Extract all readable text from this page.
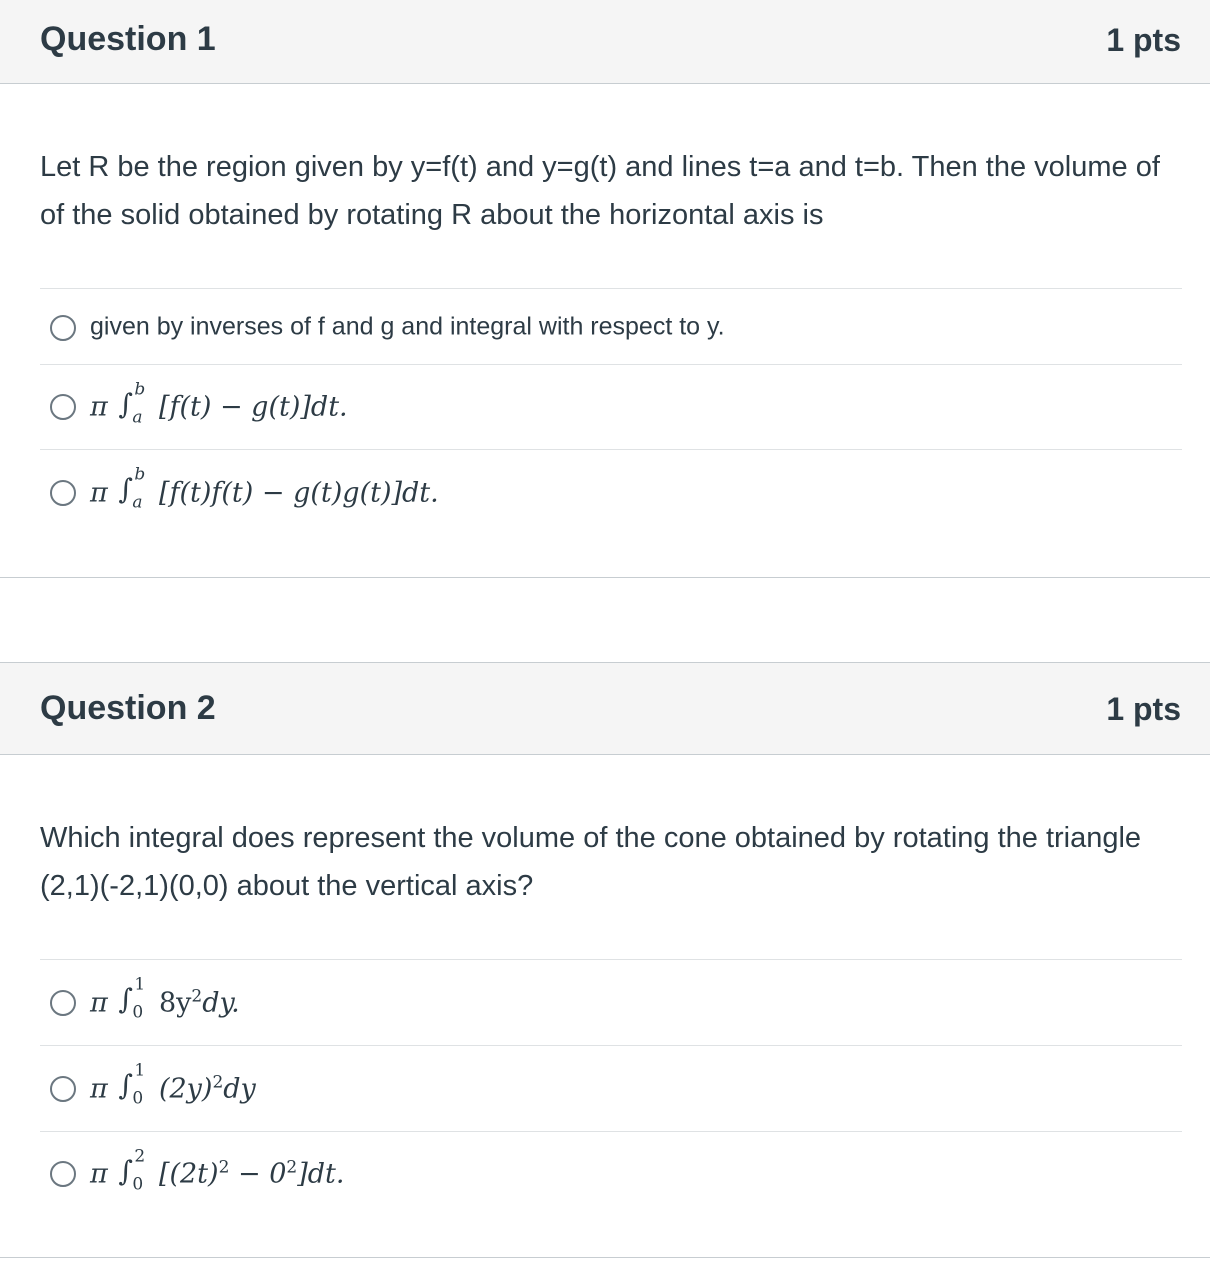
Question 1	1 pts
Let R be the region given by y=f(t) and y=g(t) and lines t=a and t=b. Then the volume of of the solid obtained by rotating R about the horizontal axis is
given by inverses of f and g and integral with respect to y.
π ∫ b
a [f(t) − g(t)]dt.
π ∫ b
a [f(t)f(t) − g(t)g(t)]dt.
Question 2	1 pts
Which integral does represent the volume of the cone obtained by rotating the triangle (2,1)(-2,1)(0,0) about the vertical axis?
π ∫ 1
0 $8y^2dy$.
π ∫ 1
0 $(2y)^2dy$
π ∫ 2
0 $[(2t)^2 - 0^2]dt$.
